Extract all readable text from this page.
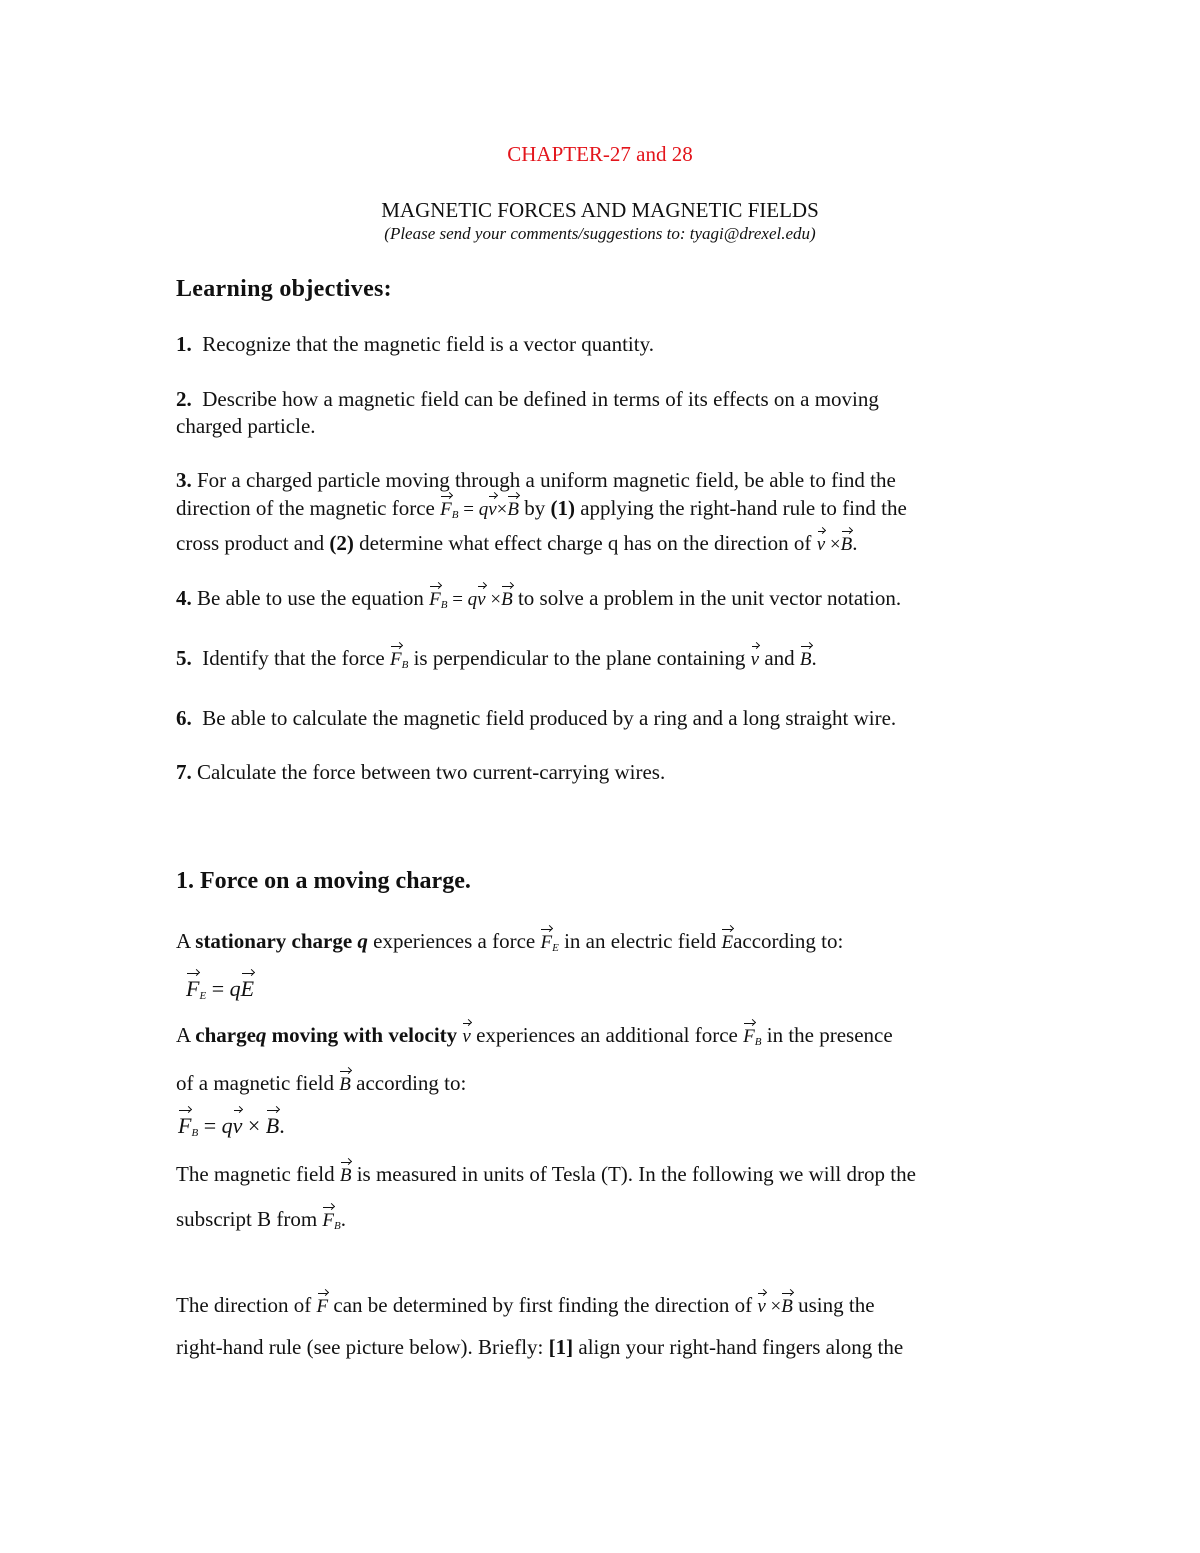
CHAPTER-27 and 28
MAGNETIC FORCES AND MAGNETIC FIELDS
(Please send your comments/suggestions to: tyagi@drexel.edu)
Learning objectives:
1. Recognize that the magnetic field is a vector quantity.
2. Describe how a magnetic field can be defined in terms of its effects on a moving
charged particle.
3. For a charged particle moving through a uniform magnetic field, be able to find the
direction of the magnetic force $F_B = qv\times B$ by (1) applying the right-hand rule to find the
cross product and (2) determine what effect charge q has on the direction of v ×B.
4. Be able to use the equation $F_B$ = qv ×B to solve a problem in the unit vector notation.
5. Identify that the force $F_B$ is perpendicular to the plane containing v and B.
6. Be able to calculate the magnetic field produced by a ring and a long straight wire.
7. Calculate the force between two current-carrying wires.
1. Force on a moving charge.
A stationary charge q experiences a force $F_E$ in an electric field Eaccording to:
$F_E$ = qE
A chargeq moving with velocity v experiences an additional force $F_B$ in the presence
of a magnetic field B according to:
$F_B$ = qv × B.
The magnetic field B is measured in units of Tesla (T). In the following we will drop the
subscript B from $F_B$.
The direction of F can be determined by first finding the direction of v ×B using the
right-hand rule (see picture below). Briefly: [1] align your right-hand fingers along the
